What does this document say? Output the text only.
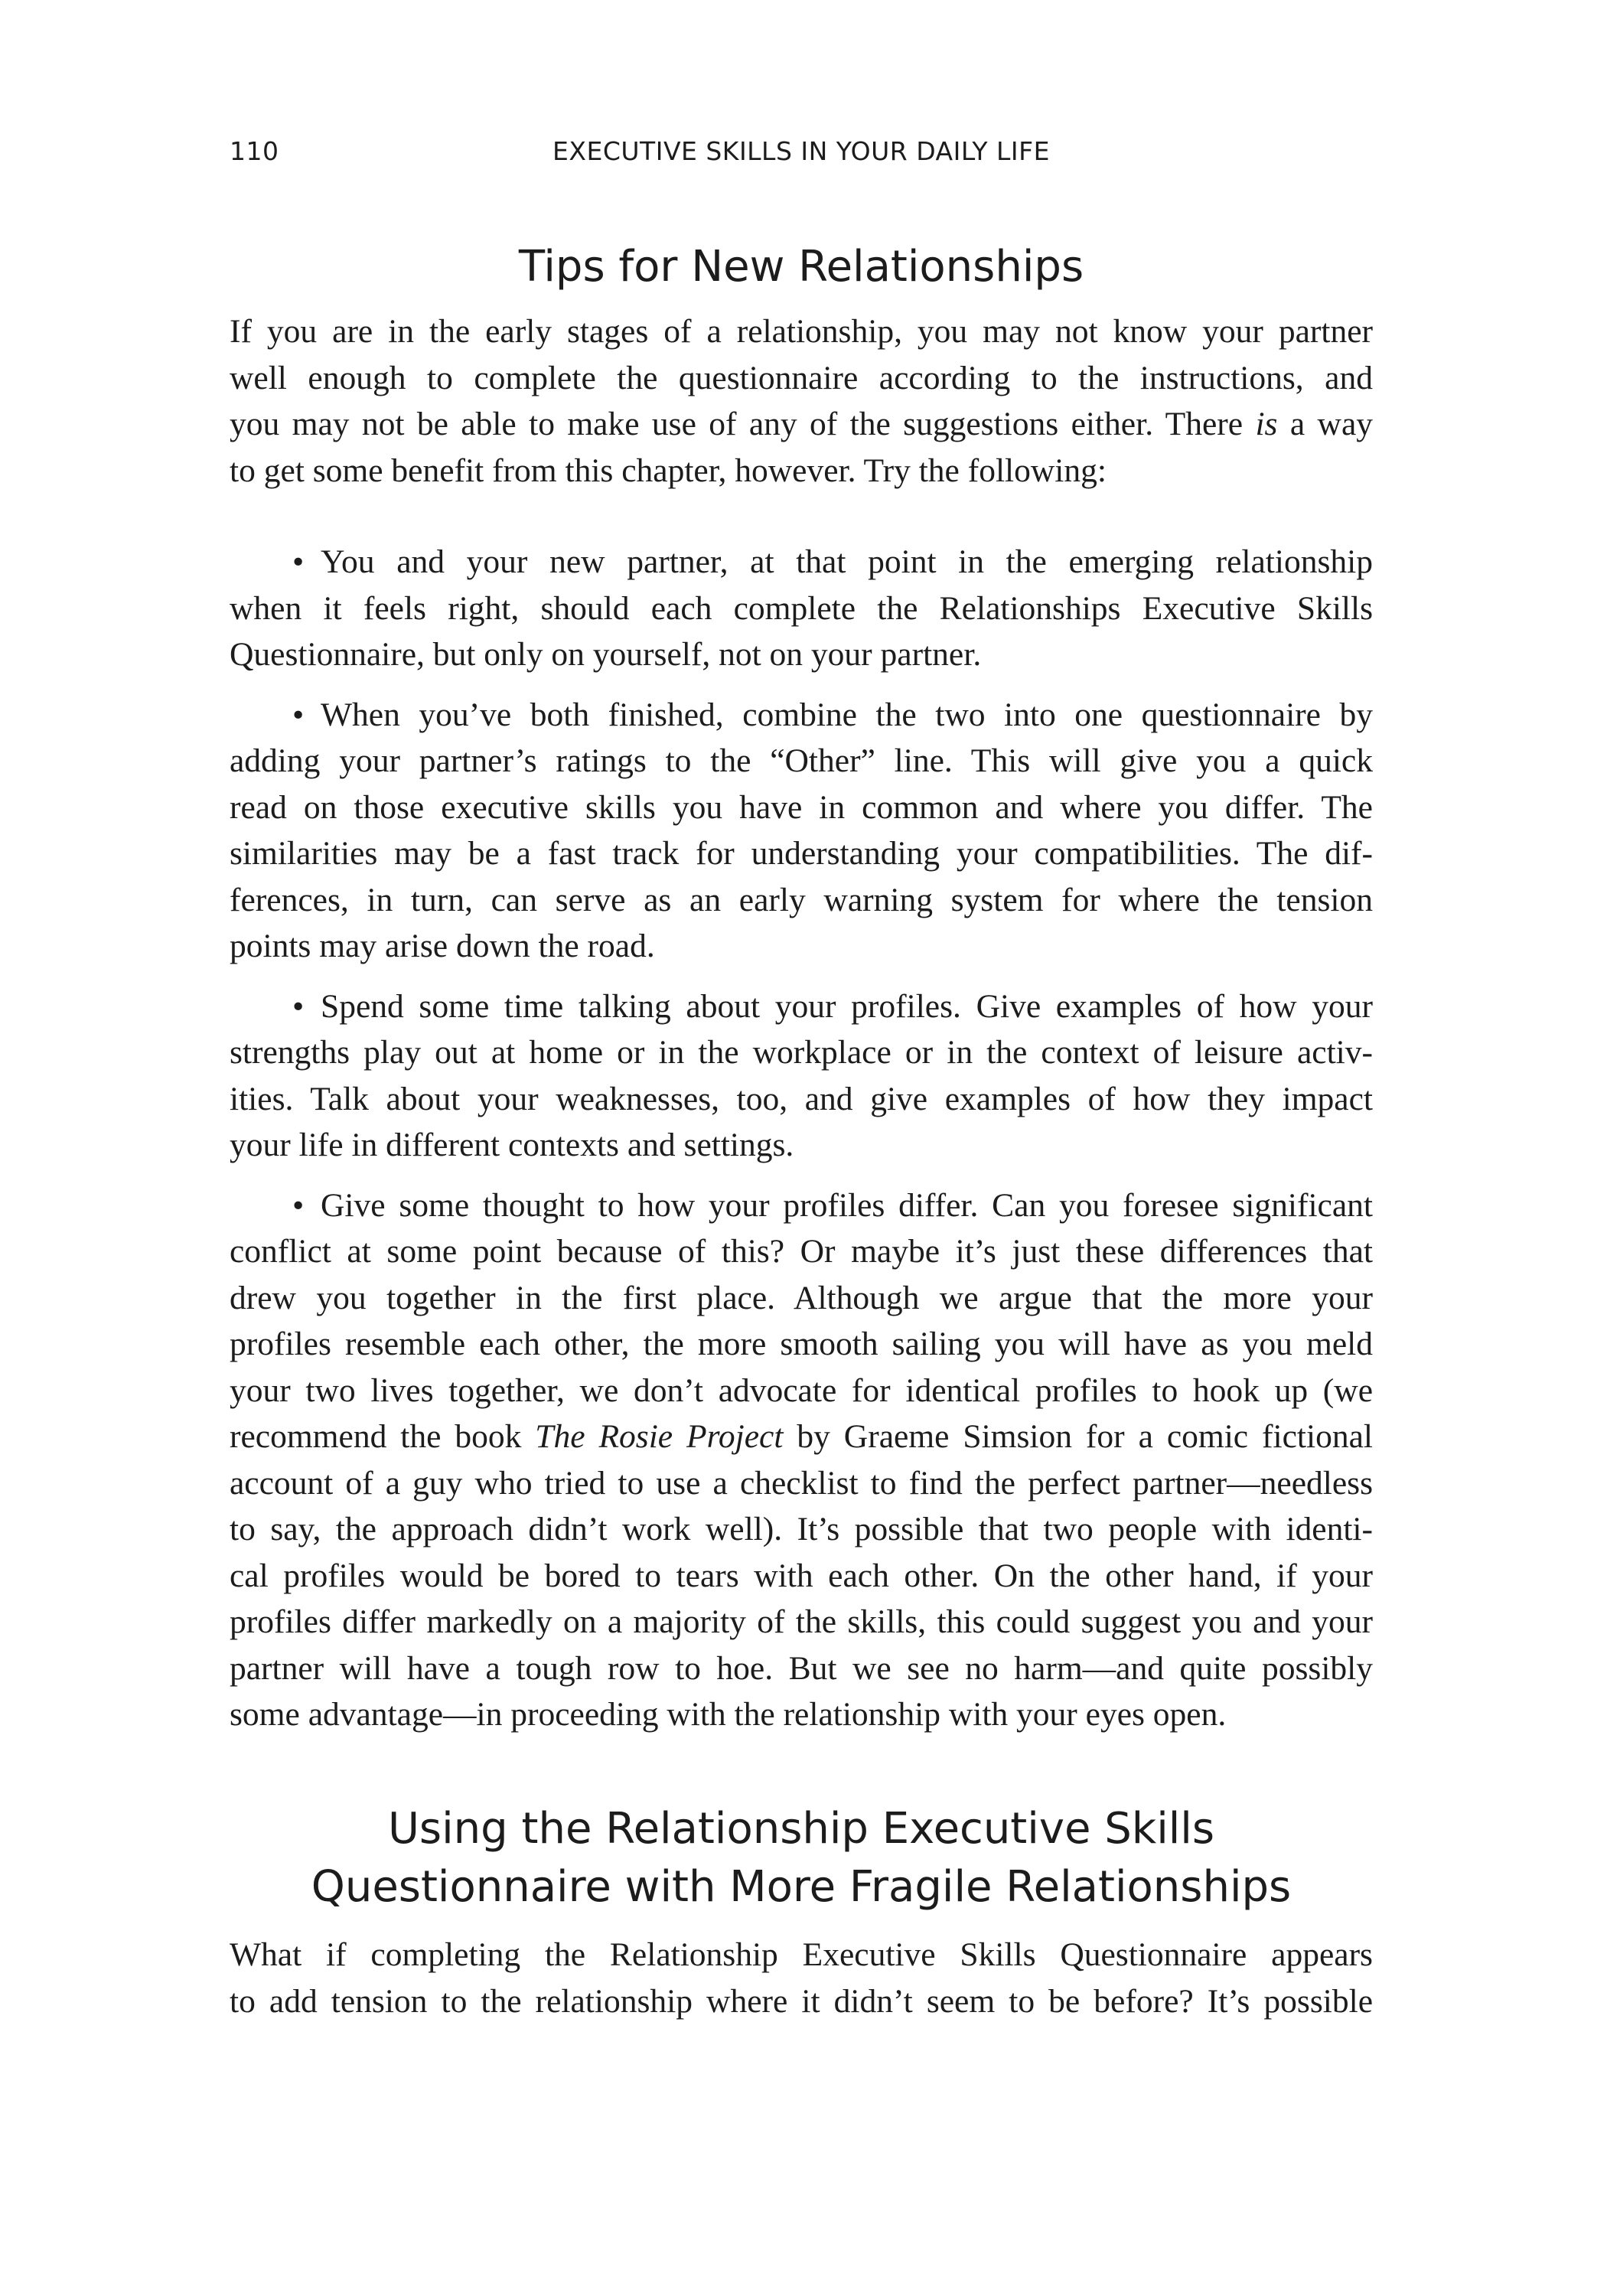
110	EXECUTIVE SKILLS IN YOUR DAILY LIFE
Tips for New Relationships

If you are in the early stages of a relationship, you may not know your partner

well enough to complete the questionnaire according to the instructions, and

you may not be able to make use of any of the suggestions either. There is a way

to get some benefit from this chapter, however. Try the following:

• You and your new partner, at that point in the emerging relationship

when it feels right, should each complete the Relationships Executive Skills

Questionnaire, but only on yourself, not on your partner.

• When you’ve both finished, combine the two into one questionnaire by

adding your partner’s ratings to the “Other” line. This will give you a quick

read on those executive skills you have in common and where you differ. The

similarities may be a fast track for understanding your compatibilities. The dif-

ferences, in turn, can serve as an early warning system for where the tension

points may arise down the road.

• Spend some time talking about your profiles. Give examples of how your

strengths play out at home or in the workplace or in the context of leisure activ-

ities. Talk about your weaknesses, too, and give examples of how they impact

your life in different contexts and settings.

• Give some thought to how your profiles differ. Can you foresee significant

conflict at some point because of this? Or maybe it’s just these differences that

drew you together in the first place. Although we argue that the more your

profiles resemble each other, the more smooth sailing you will have as you meld

your two lives together, we don’t advocate for identical profiles to hook up (we

recommend the book The Rosie Project by Graeme Simsion for a comic fictional

account of a guy who tried to use a checklist to find the perfect partner—needless

to say, the approach didn’t work well). It’s possible that two people with identi-

cal profiles would be bored to tears with each other. On the other hand, if your

profiles differ markedly on a majority of the skills, this could suggest you and your

partner will have a tough row to hoe. But we see no harm—and quite possibly

some advantage—in proceeding with the relationship with your eyes open.

Using the Relationship Executive Skills
Questionnaire with More Fragile Relationships

What if completing the Relationship Executive Skills Questionnaire appears

to add tension to the relationship where it didn’t seem to be before? It’s possible
